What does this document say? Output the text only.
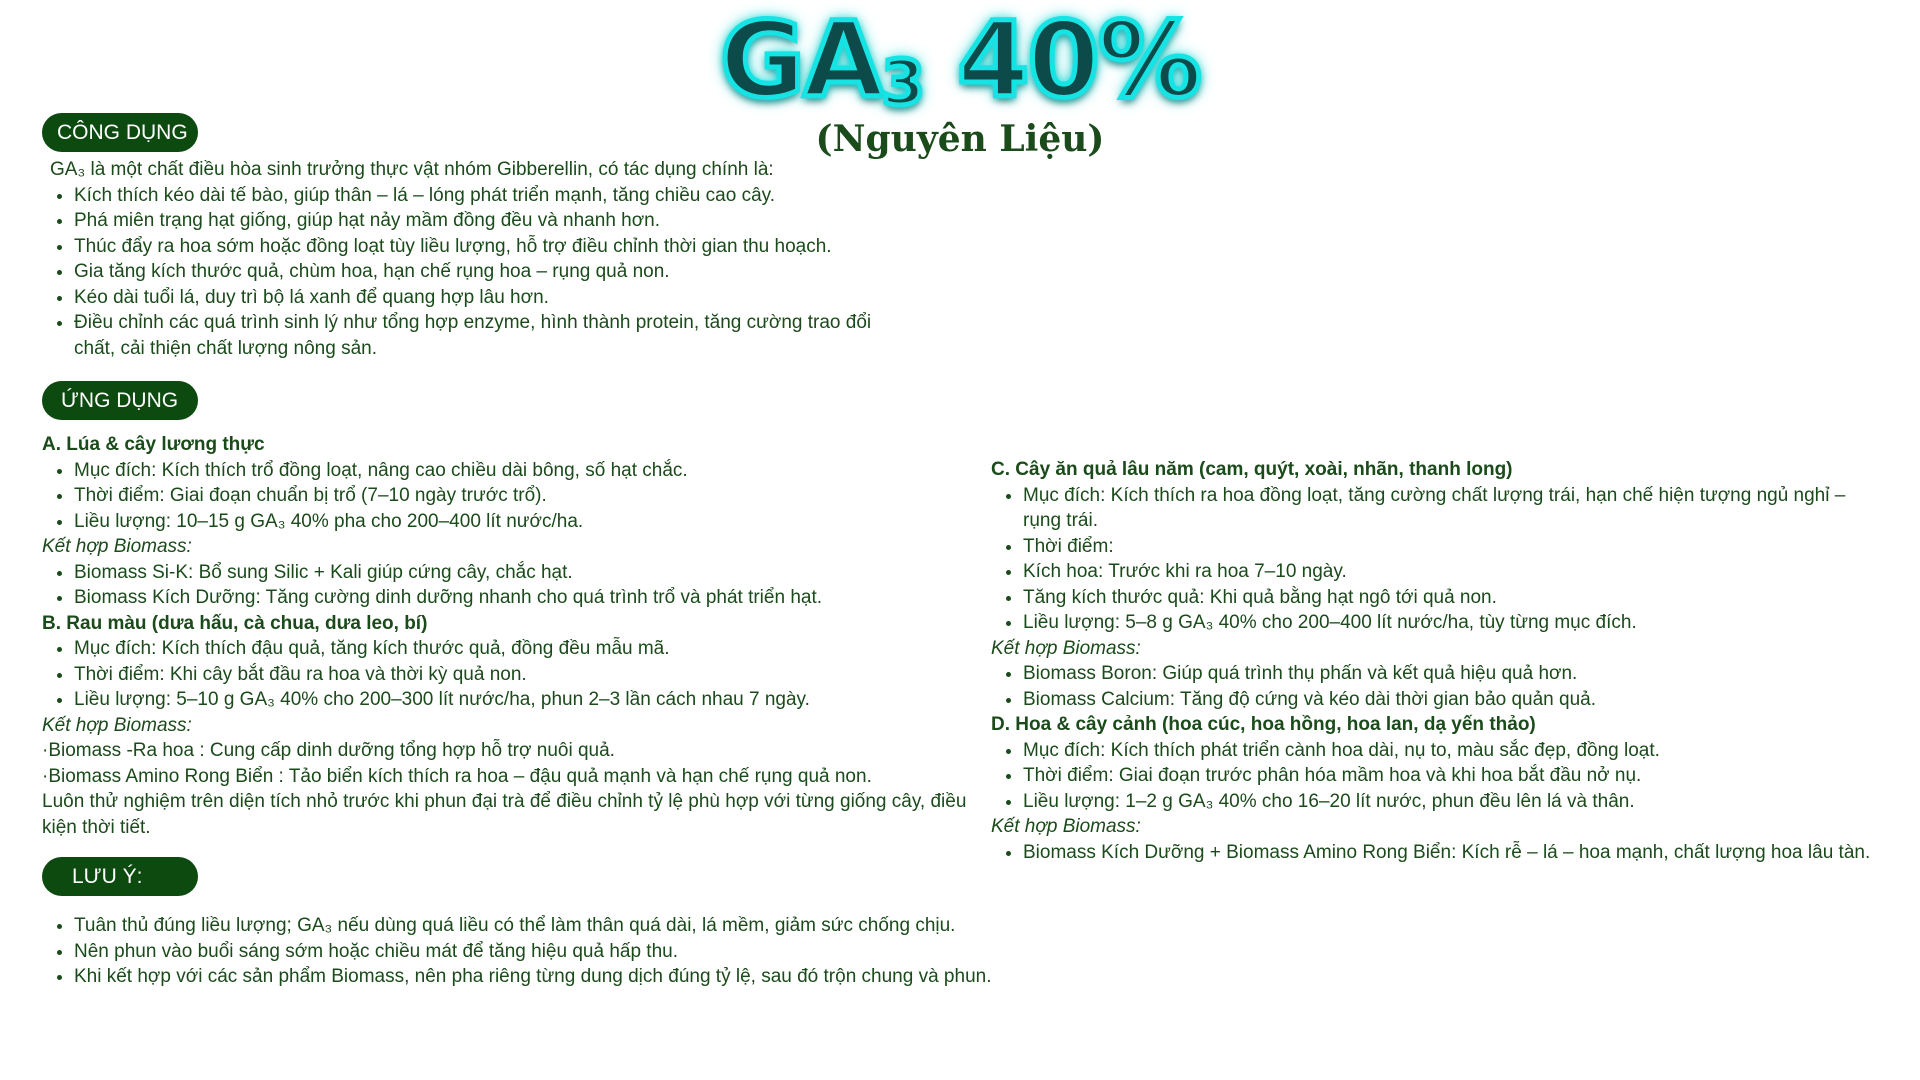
GA3 40%
(Nguyên Liệu)
CÔNG DỤNG

GA₃ là một chất điều hòa sinh trưởng thực vật nhóm Gibberellin, có tác dụng chính là:

• Kích thích kéo dài tế bào, giúp thân – lá – lóng phát triển mạnh, tăng chiều cao cây.
• Phá miên trạng hạt giống, giúp hạt nảy mầm đồng đều và nhanh hơn.
• Thúc đẩy ra hoa sớm hoặc đồng loạt tùy liều lượng, hỗ trợ điều chỉnh thời gian thu hoạch.
• Gia tăng kích thước quả, chùm hoa, hạn chế rụng hoa – rụng quả non.
• Kéo dài tuổi lá, duy trì bộ lá xanh để quang hợp lâu hơn.
• Điều chỉnh các quá trình sinh lý như tổng hợp enzyme, hình thành protein, tăng cường trao đổi chất, cải thiện chất lượng nông sản.
ỨNG DỤNG

A. Lúa & cây lương thực

• Mục đích: Kích thích trổ đồng loạt, nâng cao chiều dài bông, số hạt chắc.
• Thời điểm: Giai đoạn chuẩn bị trổ (7–10 ngày trước trổ).
• Liều lượng: 10–15 g GA₃ 40% pha cho 200–400 lít nước/ha.

Kết hợp Biomass:

• Biomass Si-K: Bổ sung Silic + Kali giúp cứng cây, chắc hạt.
• Biomass Kích Dưỡng: Tăng cường dinh dưỡng nhanh cho quá trình trổ và phát triển hạt.

B. Rau màu (dưa hấu, cà chua, dưa leo, bí)

• Mục đích: Kích thích đậu quả, tăng kích thước quả, đồng đều mẫu mã.
• Thời điểm: Khi cây bắt đầu ra hoa và thời kỳ quả non.
• Liều lượng: 5–10 g GA₃ 40% cho 200–300 lít nước/ha, phun 2–3 lần cách nhau 7 ngày.

Kết hợp Biomass:

·Biomass -Ra hoa : Cung cấp dinh dưỡng tổng hợp hỗ trợ nuôi quả.

·Biomass Amino Rong Biển : Tảo biển kích thích ra hoa – đậu quả mạnh và hạn chế rụng quả non.

Luôn thử nghiệm trên diện tích nhỏ trước khi phun đại trà để điều chỉnh tỷ lệ phù hợp với từng giống cây, điều kiện thời tiết.

C. Cây ăn quả lâu năm (cam, quýt, xoài, nhãn, thanh long)

• Mục đích: Kích thích ra hoa đồng loạt, tăng cường chất lượng trái, hạn chế hiện tượng ngủ nghỉ – rụng trái.
• Thời điểm:
• Kích hoa: Trước khi ra hoa 7–10 ngày.
• Tăng kích thước quả: Khi quả bằng hạt ngô tới quả non.
• Liều lượng: 5–8 g GA₃ 40% cho 200–400 lít nước/ha, tùy từng mục đích.

Kết hợp Biomass:

• Biomass Boron: Giúp quá trình thụ phấn và kết quả hiệu quả hơn.
• Biomass Calcium: Tăng độ cứng và kéo dài thời gian bảo quản quả.

D. Hoa & cây cảnh (hoa cúc, hoa hồng, hoa lan, dạ yến thảo)

• Mục đích: Kích thích phát triển cành hoa dài, nụ to, màu sắc đẹp, đồng loạt.
• Thời điểm: Giai đoạn trước phân hóa mầm hoa và khi hoa bắt đầu nở nụ.
• Liều lượng: 1–2 g GA₃ 40% cho 16–20 lít nước, phun đều lên lá và thân.

Kết hợp Biomass:

• Biomass Kích Dưỡng + Biomass Amino Rong Biển: Kích rễ – lá – hoa mạnh, chất lượng hoa lâu tàn.
LƯU Ý:
• Tuân thủ đúng liều lượng; GA₃ nếu dùng quá liều có thể làm thân quá dài, lá mềm, giảm sức chống chịu.
• Nên phun vào buổi sáng sớm hoặc chiều mát để tăng hiệu quả hấp thu.
• Khi kết hợp với các sản phẩm Biomass, nên pha riêng từng dung dịch đúng tỷ lệ, sau đó trộn chung và phun.
